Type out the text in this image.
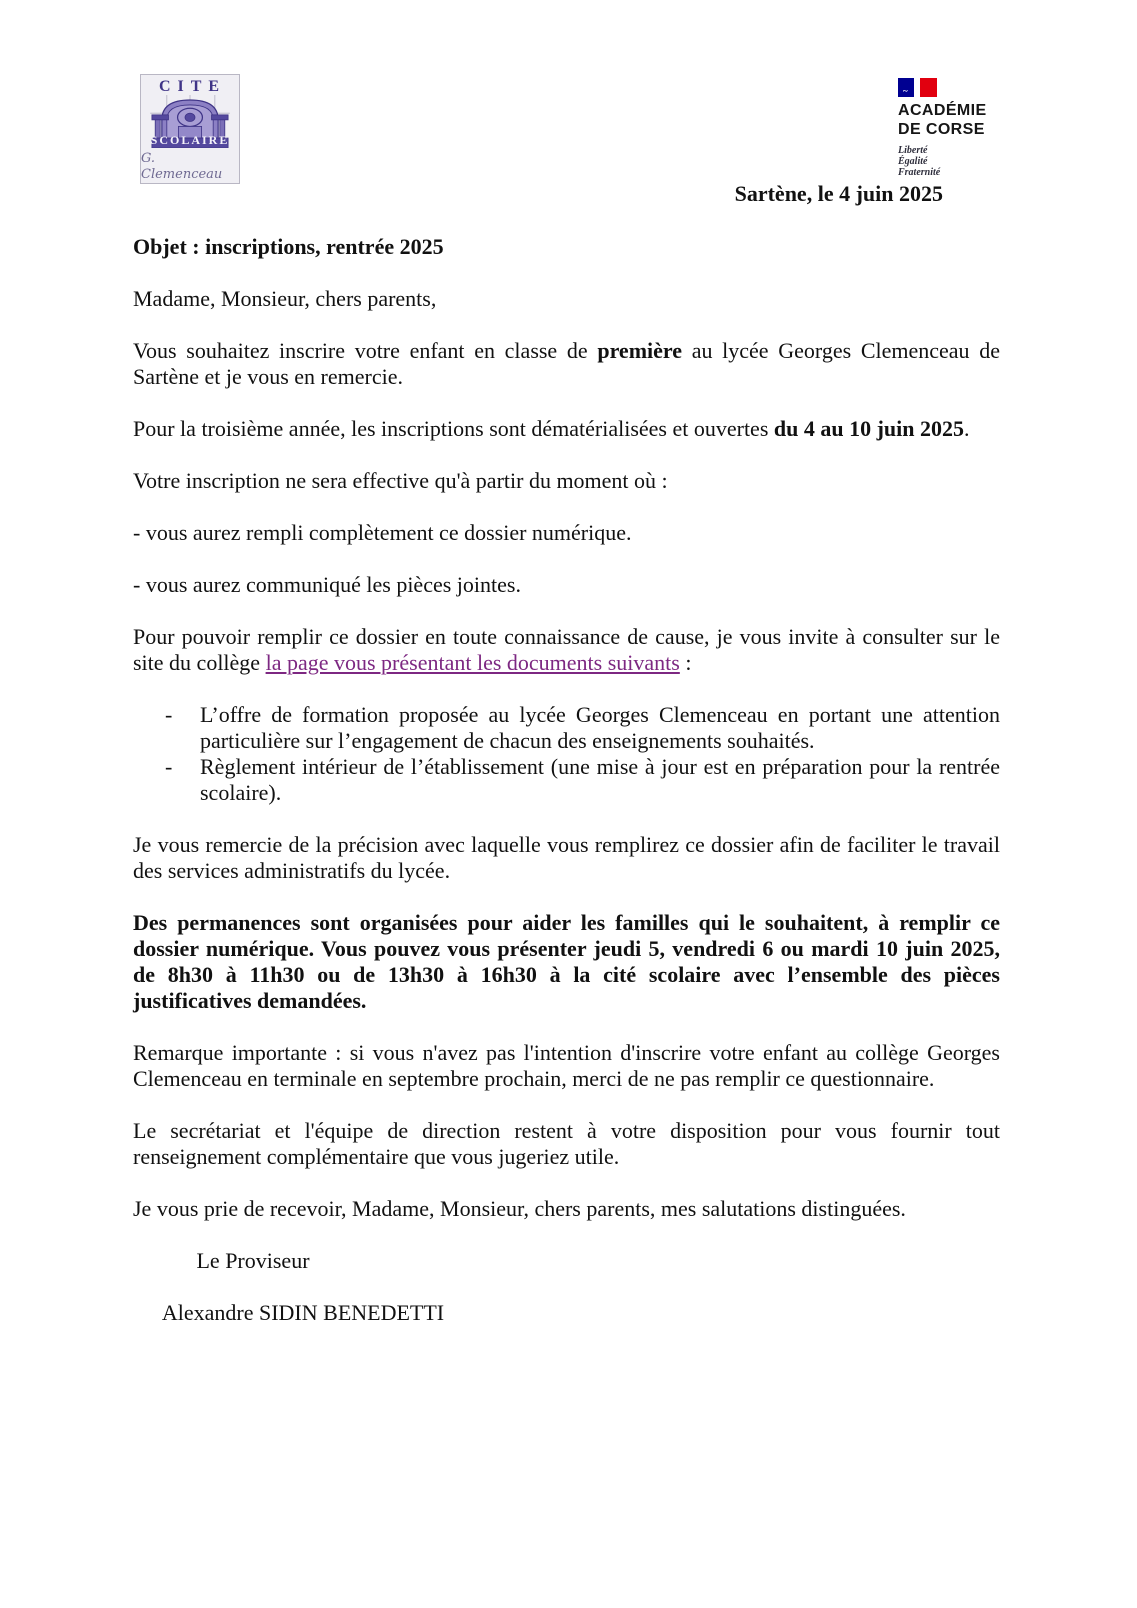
CITE
SCOLAIRE
G. Clemenceau
~
ACADÉMIE
DE CORSE
Liberté
Égalité
Fraternité
Sartène, le 4 juin 2025

Objet : inscriptions, rentrée 2025

Madame, Monsieur, chers parents,

Vous souhaitez inscrire votre enfant en classe de première au lycée Georges Clemenceau de Sartène et je vous en remercie.

Pour la troisième année, les inscriptions sont dématérialisées et ouvertes du 4 au 10 juin 2025.

Votre inscription ne sera effective qu'à partir du moment où :

- vous aurez rempli complètement ce dossier numérique.

- vous aurez communiqué les pièces jointes.

Pour pouvoir remplir ce dossier en toute connaissance de cause, je vous invite à consulter sur le site du collège la page vous présentant les documents suivants :

-	L’offre de formation proposée au lycée Georges Clemenceau en portant une attention particulière sur l’engagement de chacun des enseignements souhaités.
-	Règlement intérieur de l’établissement (une mise à jour est en préparation pour la rentrée scolaire).

Je vous remercie de la précision avec laquelle vous remplirez ce dossier afin de faciliter le travail des services administratifs du lycée.

Des permanences sont organisées pour aider les familles qui le souhaitent, à remplir ce dossier numérique. Vous pouvez vous présenter jeudi 5, vendredi 6 ou mardi 10 juin 2025, de 8h30 à 11h30 ou de 13h30 à 16h30 à la cité scolaire avec l’ensemble des pièces justificatives demandées.

Remarque importante : si vous n'avez pas l'intention d'inscrire votre enfant au collège Georges Clemenceau en terminale en septembre prochain, merci de ne pas remplir ce questionnaire.

Le secrétariat et l'équipe de direction restent à votre disposition pour vous fournir tout renseignement complémentaire que vous jugeriez utile.

Je vous prie de recevoir, Madame, Monsieur, chers parents, mes salutations distinguées.

Le Proviseur

Alexandre SIDIN BENEDETTI
